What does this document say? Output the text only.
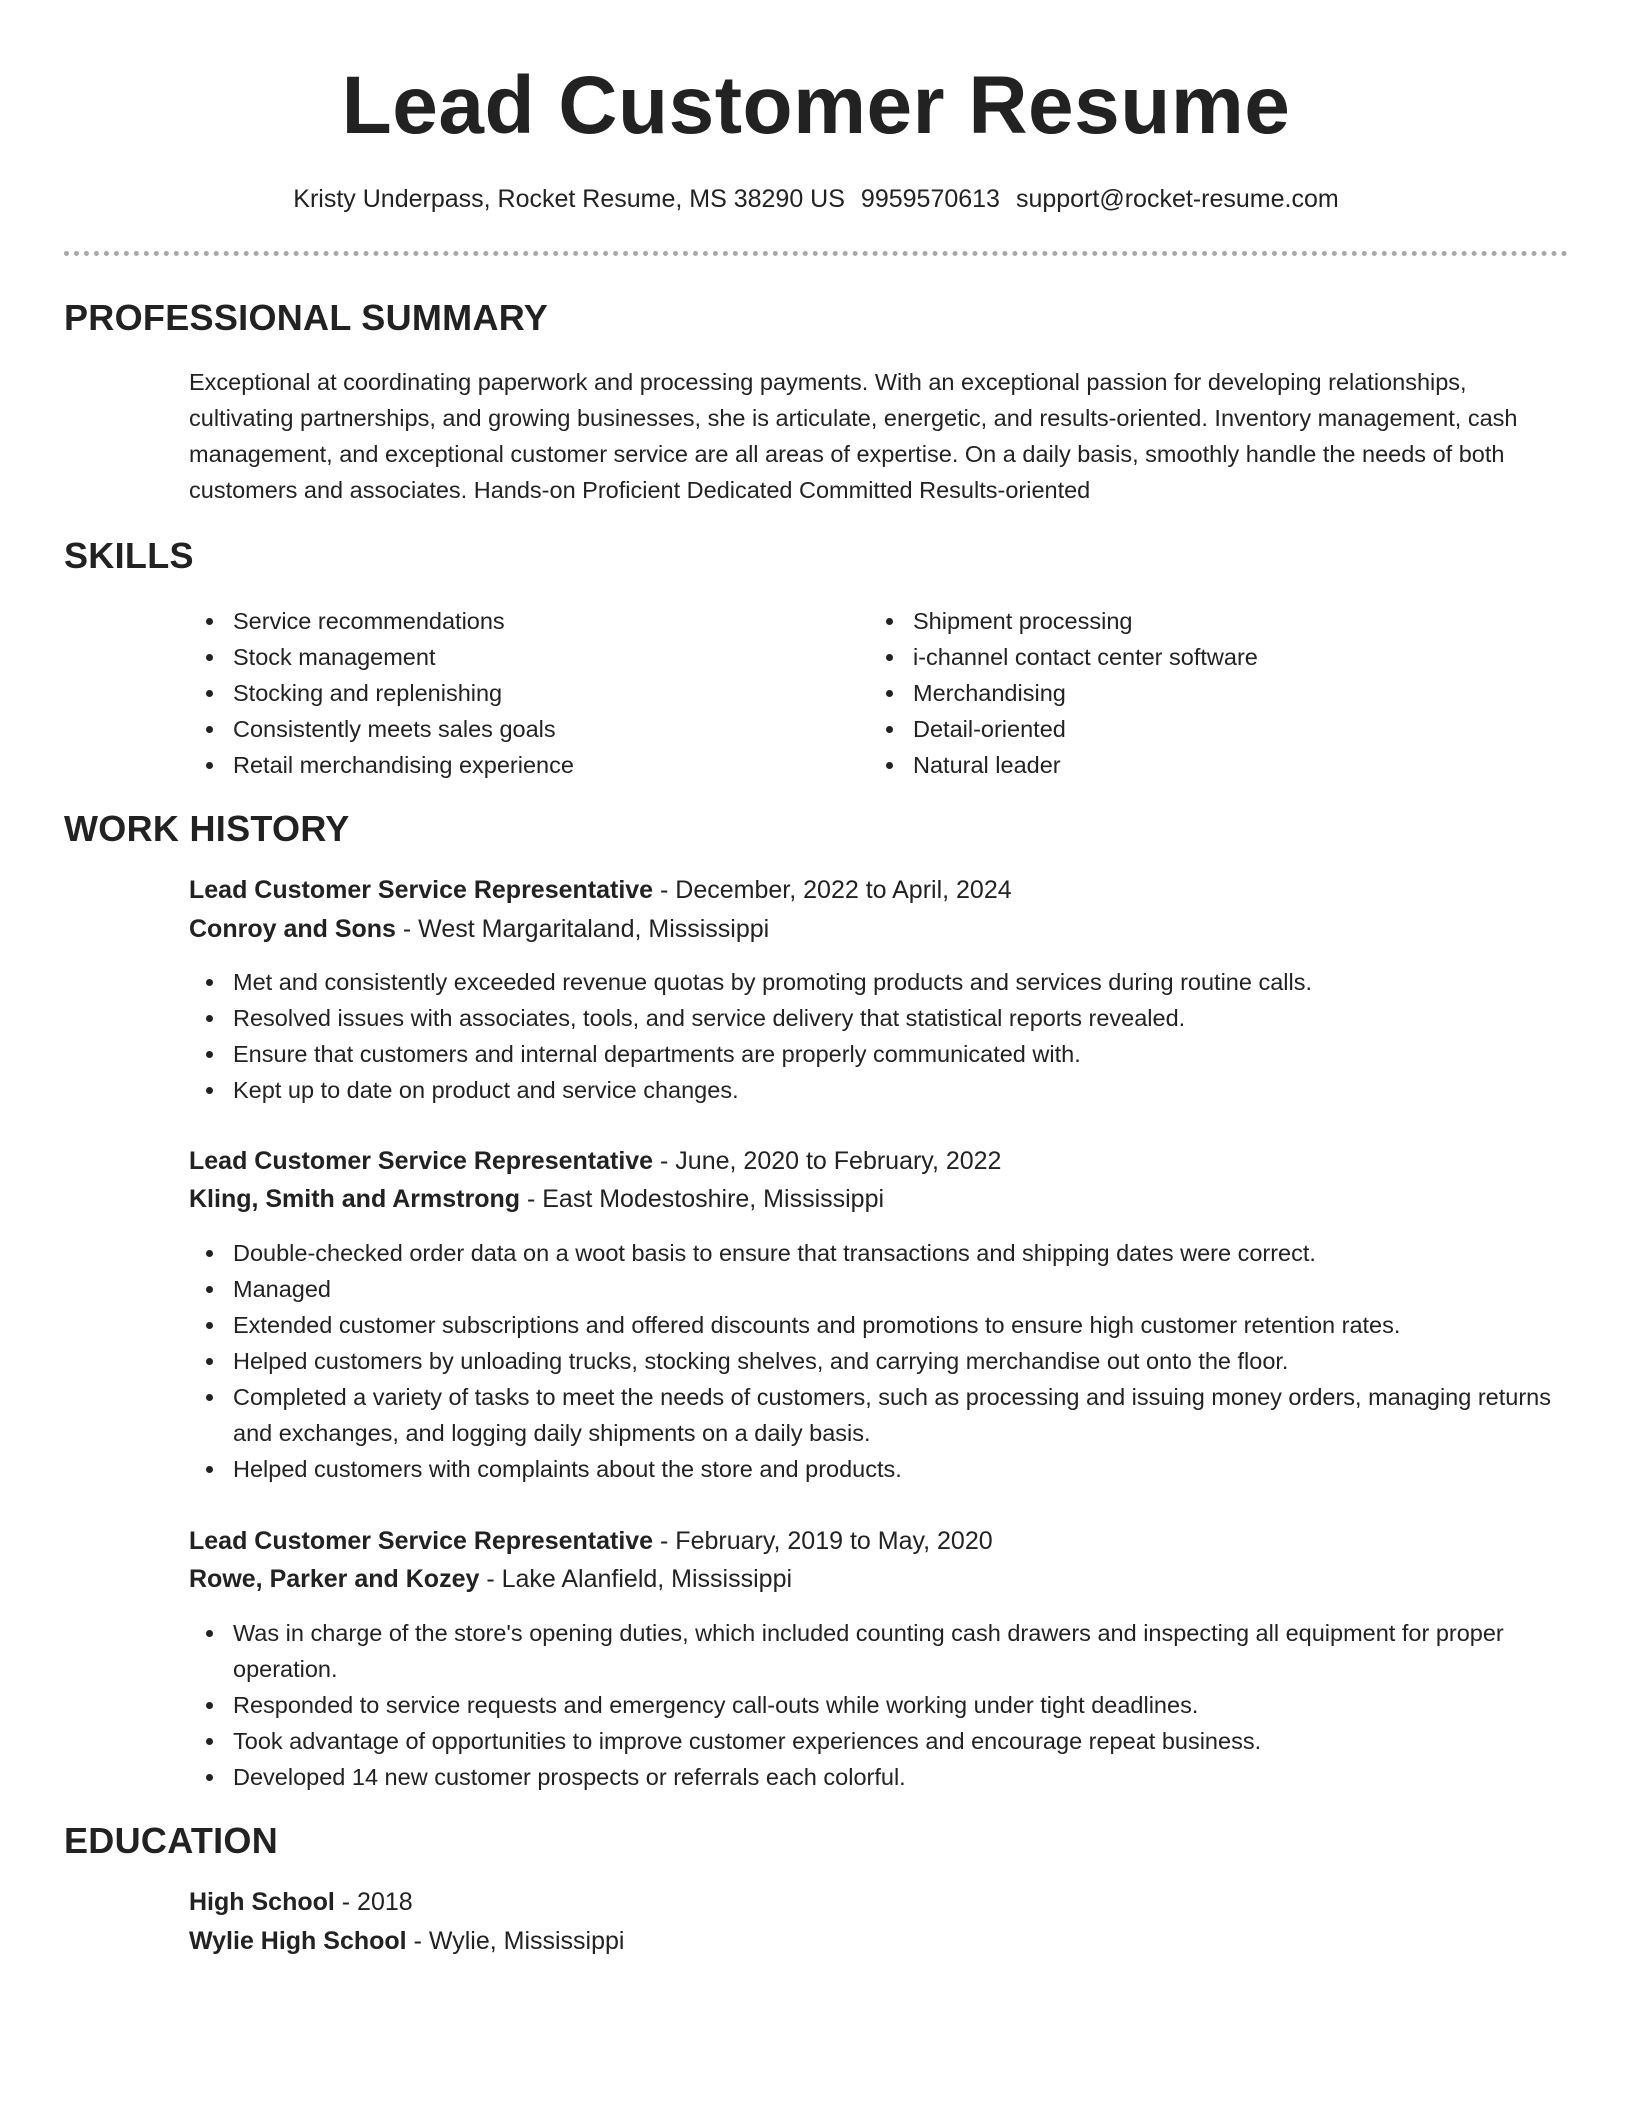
Lead Customer Resume
Kristy Underpass, Rocket Resume, MS 38290 US 9959570613 support@rocket-resume.com
PROFESSIONAL SUMMARY

Exceptional at coordinating paperwork and processing payments. With an exceptional passion for developing relationships, cultivating partnerships, and growing businesses, she is articulate, energetic, and results-oriented. Inventory management, cash management, and exceptional customer service are all areas of expertise. On a daily basis, smoothly handle the needs of both customers and associates. Hands-on Proficient Dedicated Committed Results-oriented

SKILLS
Service recommendations
Stock management
Stocking and replenishing
Consistently meets sales goals
Retail merchandising experience
Shipment processing
i-channel contact center software
Merchandising
Detail-oriented
Natural leader
WORK HISTORY
Lead Customer Service Representative - December, 2022 to April, 2024
Conroy and Sons - West Margaritaland, Mississippi
Met and consistently exceeded revenue quotas by promoting products and services during routine calls.
Resolved issues with associates, tools, and service delivery that statistical reports revealed.
Ensure that customers and internal departments are properly communicated with.
Kept up to date on product and service changes.
Lead Customer Service Representative - June, 2020 to February, 2022
Kling, Smith and Armstrong - East Modestoshire, Mississippi
Double-checked order data on a woot basis to ensure that transactions and shipping dates were correct.
Managed
Extended customer subscriptions and offered discounts and promotions to ensure high customer retention rates.
Helped customers by unloading trucks, stocking shelves, and carrying merchandise out onto the floor.
Completed a variety of tasks to meet the needs of customers, such as processing and issuing money orders, managing returns and exchanges, and logging daily shipments on a daily basis.
Helped customers with complaints about the store and products.
Lead Customer Service Representative - February, 2019 to May, 2020
Rowe, Parker and Kozey - Lake Alanfield, Mississippi
Was in charge of the store's opening duties, which included counting cash drawers and inspecting all equipment for proper operation.
Responded to service requests and emergency call-outs while working under tight deadlines.
Took advantage of opportunities to improve customer experiences and encourage repeat business.
Developed 14 new customer prospects or referrals each colorful.
EDUCATION
High School - 2018
Wylie High School - Wylie, Mississippi
